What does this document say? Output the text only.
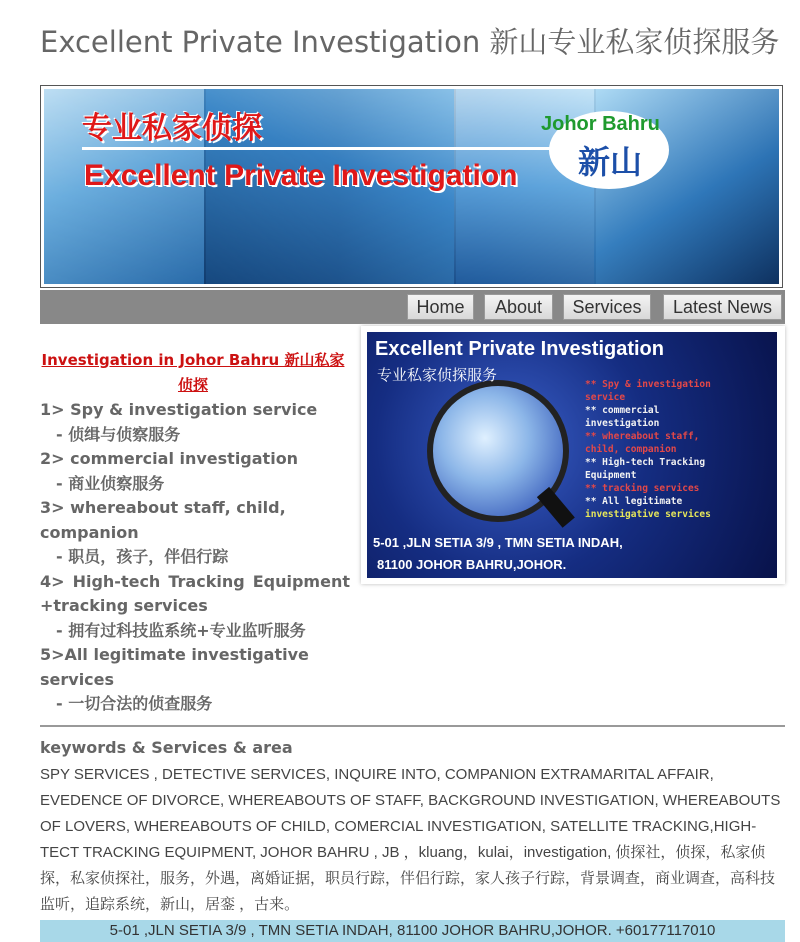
Excellent Private Investigation 新山专业私家侦探服务
专业私家侦探
Excellent Private Investigation
Johor Bahru
新山
Home	About	Services	Latest News
Investigation in Johor Bahru 新山私家侦探
1> Spy & investigation service
- 侦缉与侦察服务
2> commercial investigation
- 商业侦察服务
3> whereabout staff, child, companion
- 职员，孩子，伴侣行踪
4> High-tech Tracking Equipment +tracking services
- 拥有过科技监系统+专业监听服务
5>All legitimate investigative services
- 一切合法的侦查服务
Excellent Private Investigation
专业私家侦探服务
** Spy & investigation
service
** commercial
investigation
** whereabout staff,
child, companion
** High-tech Tracking
Equipment
** tracking services
** All legitimate
investigative services
5-01 ,JLN SETIA 3/9 , TMN SETIA INDAH,
81100 JOHOR BAHRU,JOHOR.
keywords & Services & area
SPY SERVICES , DETECTIVE SERVICES, INQUIRE INTO, COMPANION EXTRAMARITAL AFFAIR, EVEDENCE OF DIVORCE, WHEREABOUTS OF STAFF, BACKGROUND INVESTIGATION, WHEREABOUTS OF LOVERS, WHEREABOUTS OF CHILD, COMERCIAL INVESTIGATION, SATELLITE TRACKING,HIGH-TECT TRACKING EQUIPMENT, JOHOR BAHRU , JB ，kluang，kulai，investigation, 侦探社，侦探，私家侦探，私家侦探社，服务，外遇，离婚证据，职员行踪，伴侣行踪，家人孩子行踪，背景调查，商业调查，高科技监听，追踪系统，新山，居銮 ，古来。
5-01 ,JLN SETIA 3/9 , TMN SETIA INDAH, 81100 JOHOR BAHRU,JOHOR. +60177117010
